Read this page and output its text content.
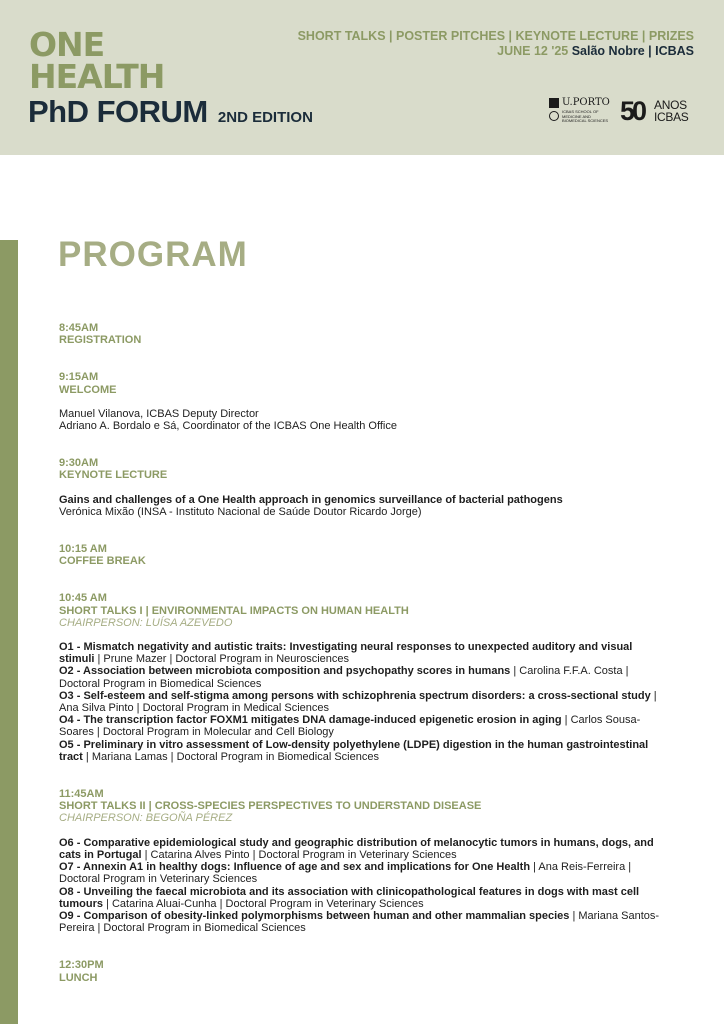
ONE
HEALTH
PhD FORUM 2ND EDITION
SHORT TALKS | POSTER PITCHES | KEYNOTE LECTURE | PRIZES
JUNE 12 '25 Salão Nobre | ICBAS
U.PORTO
ICBAS SCHOOL OF MEDICINE AND BIOMEDICAL SCIENCES 50 ANOS
ICBAS
PROGRAM
8:45AM
REGISTRATION
9:15AM
WELCOME
Manuel Vilanova, ICBAS Deputy Director
Adriano A. Bordalo e Sá, Coordinator of the ICBAS One Health Office
9:30AM
KEYNOTE LECTURE
Gains and challenges of a One Health approach in genomics surveillance of bacterial pathogens
Verónica Mixão (INSA - Instituto Nacional de Saúde Doutor Ricardo Jorge)
10:15 AM
COFFEE BREAK
10:45 AM
SHORT TALKS I | ENVIRONMENTAL IMPACTS ON HUMAN HEALTH
CHAIRPERSON: LUÍSA AZEVEDO
O1 - Mismatch negativity and autistic traits: Investigating neural responses to unexpected auditory and visual stimuli | Prune Mazer | Doctoral Program in Neurosciences
O2 - Association between microbiota composition and psychopathy scores in humans | Carolina F.F.A. Costa | Doctoral Program in Biomedical Sciences
O3 - Self-esteem and self-stigma among persons with schizophrenia spectrum disorders: a cross-sectional study | Ana Silva Pinto | Doctoral Program in Medical Sciences
O4 - The transcription factor FOXM1 mitigates DNA damage-induced epigenetic erosion in aging | Carlos Sousa-Soares | Doctoral Program in Molecular and Cell Biology
O5 - Preliminary in vitro assessment of Low-density polyethylene (LDPE) digestion in the human gastrointestinal tract | Mariana Lamas | Doctoral Program in Biomedical Sciences
11:45AM
SHORT TALKS II | CROSS-SPECIES PERSPECTIVES TO UNDERSTAND DISEASE
CHAIRPERSON: BEGOÑA PÉREZ
O6 - Comparative epidemiological study and geographic distribution of melanocytic tumors in humans, dogs, and cats in Portugal | Catarina Alves Pinto | Doctoral Program in Veterinary Sciences
O7 - Annexin A1 in healthy dogs: Influence of age and sex and implications for One Health | Ana Reis-Ferreira | Doctoral Program in Veterinary Sciences
O8 - Unveiling the faecal microbiota and its association with clinicopathological features in dogs with mast cell tumours | Catarina Aluai-Cunha | Doctoral Program in Veterinary Sciences
O9 - Comparison of obesity-linked polymorphisms between human and other mammalian species | Mariana Santos-Pereira | Doctoral Program in Biomedical Sciences
12:30PM
LUNCH
